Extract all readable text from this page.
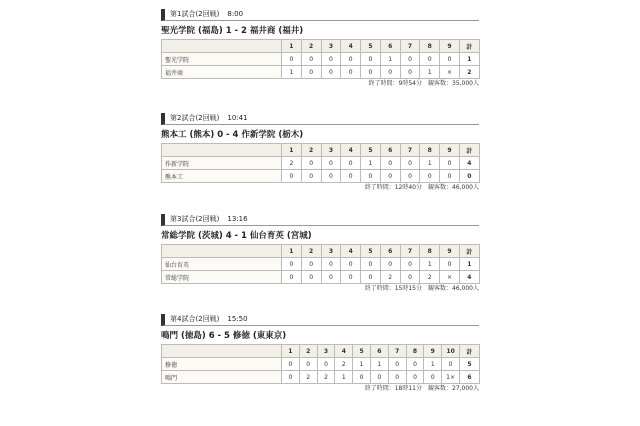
第1試合(2回戦) 8:00
聖光学院 (福島) 1 - 2 福井商 (福井)
	1	2	3	4	5	6	7	8	9	計
聖光学院	0	0	0	0	0	1	0	0	0	1
福井商	1	0	0	0	0	0	0	1	×	2
終了時間：9時54分 観客数：35,000人
第2試合(2回戦) 10:41
熊本工 (熊本) 0 - 4 作新学院 (栃木)
	1	2	3	4	5	6	7	8	9	計
作新学院	2	0	0	0	1	0	0	1	0	4
熊本工	0	0	0	0	0	0	0	0	0	0
終了時間：12時40分 観客数：46,000人
第3試合(2回戦) 13:16
常総学院 (茨城) 4 - 1 仙台育英 (宮城)
	1	2	3	4	5	6	7	8	9	計
仙台育英	0	0	0	0	0	0	0	1	0	1
常総学院	0	0	0	0	0	2	0	2	×	4
終了時間：15時15分 観客数：46,000人
第4試合(2回戦) 15:50
鳴門 (徳島) 6 - 5 修徳 (東東京)
	1	2	3	4	5	6	7	8	9	10	計
修徳	0	0	0	2	1	1	0	0	1	0	5
鳴門	0	2	2	1	0	0	0	0	0	1×	6
終了時間：18時11分 観客数：27,000人
